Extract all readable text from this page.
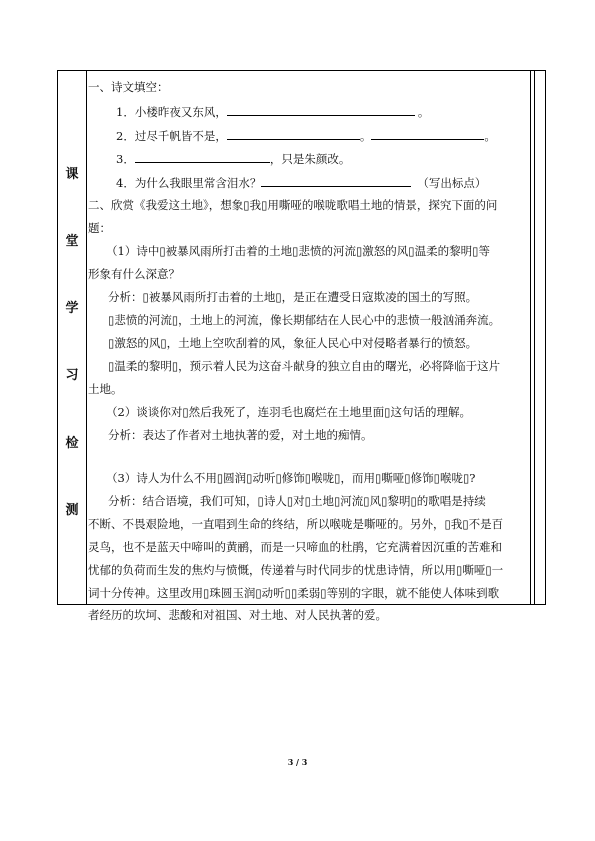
课
堂
学
习
检
测
一、诗文填空：
1．小楼昨夜又东风，	。
2．过尽千帆皆不是，	。	。
3．	，只是朱颜改。
4．为什么我眼里常含泪水？	（写出标点）
二、欣赏《我爱这土地》，想象▯我▯用嘶哑的喉咙歌唱土地的情景，探究下面的问
题：
（1）诗中▯被暴风雨所打击着的土地▯悲愤的河流▯激怒的风▯温柔的黎明▯等
形象有什么深意？
分析：▯被暴风雨所打击着的土地▯，是正在遭受日寇欺凌的国土的写照。
▯悲愤的河流▯，土地上的河流，像长期郁结在人民心中的悲愤一般汹涌奔流。
▯激怒的风▯，土地上空吹刮着的风，象征人民心中对侵略者暴行的愤怒。
▯温柔的黎明▯，预示着人民为这奋斗献身的独立自由的曙光，必将降临于这片
土地。
（2）谈谈你对▯然后我死了，连羽毛也腐烂在土地里面▯这句话的理解。
分析：表达了作者对土地执著的爱，对土地的痴情。
（3）诗人为什么不用▯圆润▯动听▯修饰▯喉咙▯，而用▯嘶哑▯修饰▯喉咙▯?
分析：结合语境，我们可知，▯诗人▯对▯土地▯河流▯风▯黎明▯的歌唱是持续
不断、不畏艰险地，一直唱到生命的终结，所以喉咙是嘶哑的。另外，▯我▯不是百
灵鸟，也不是蓝天中啼叫的黄鹂，而是一只啼血的杜鹃，它充满着因沉重的苦难和
忧郁的负荷而生发的焦灼与愤慨，传递着与时代同步的忧患诗情，所以用▯嘶哑▯一
词十分传神。这里改用▯珠圆玉润▯动听▯▯柔弱▯等别的字眼，就不能使人体味到歌
者经历的坎坷、悲酸和对祖国、对土地、对人民执著的爱。
3 / 3
